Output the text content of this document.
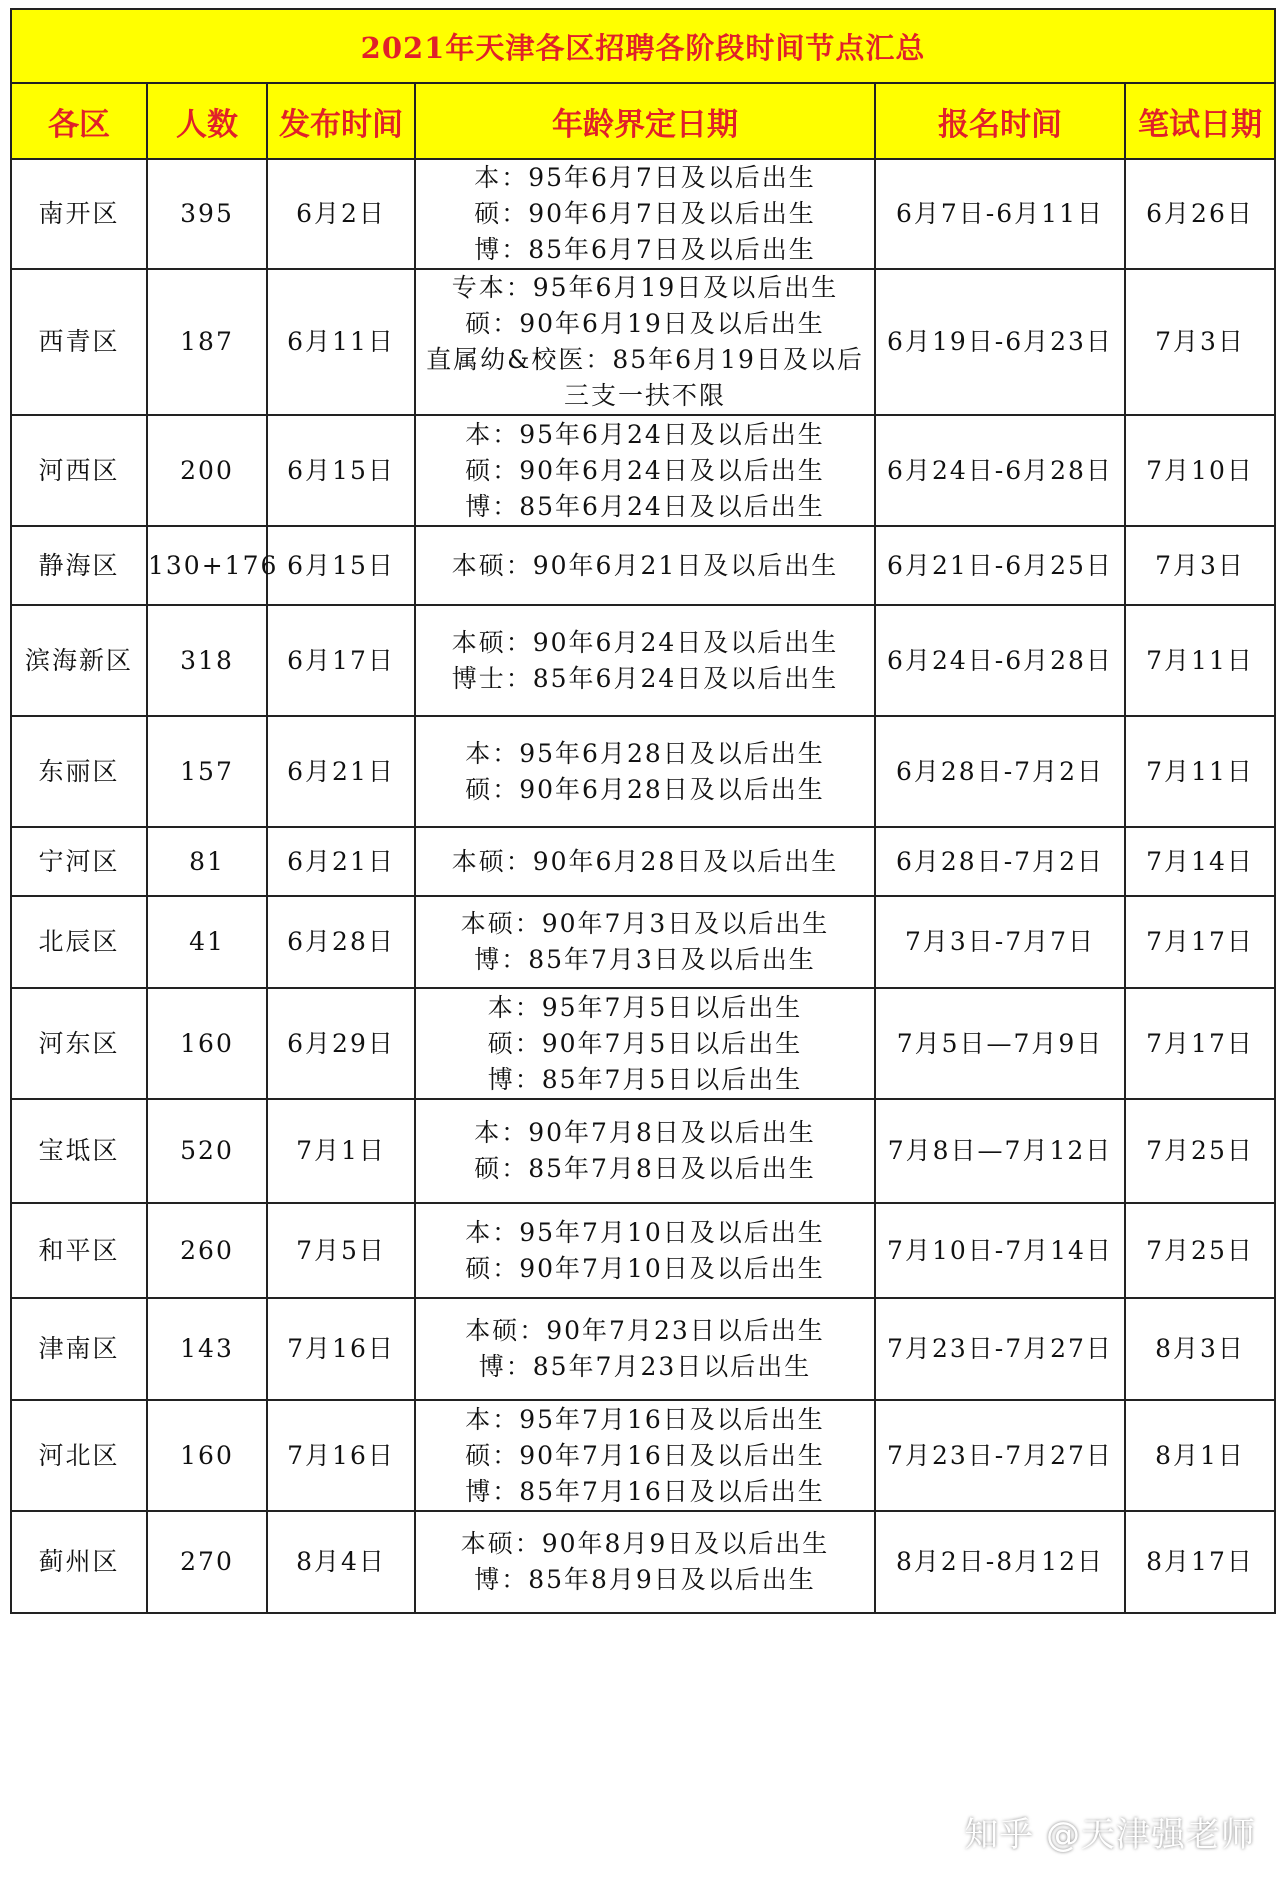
2021年天津各区招聘各阶段时间节点汇总					
各区	人数	发布时间	年龄界定日期	报名时间	笔试日期
南开区	395	6月2日	本：95年6月7日及以后出生
硕：90年6月7日及以后出生
博：85年6月7日及以后出生	6月7日-6月11日	6月26日
西青区	187	6月11日	专本：95年6月19日及以后出生
硕：90年6月19日及以后出生
直属幼&校医：85年6月19日及以后
三支一扶不限	6月19日-6月23日	7月3日
河西区	200	6月15日	本：95年6月24日及以后出生
硕：90年6月24日及以后出生
博：85年6月24日及以后出生	6月24日-6月28日	7月10日
静海区	130+176	6月15日	本硕：90年6月21日及以后出生	6月21日-6月25日	7月3日
滨海新区	318	6月17日	本硕：90年6月24日及以后出生
博士：85年6月24日及以后出生	6月24日-6月28日	7月11日
东丽区	157	6月21日	本：95年6月28日及以后出生
硕：90年6月28日及以后出生	6月28日-7月2日	7月11日
宁河区	81	6月21日	本硕：90年6月28日及以后出生	6月28日-7月2日	7月14日
北辰区	41	6月28日	本硕：90年7月3日及以后出生
博：85年7月3日及以后出生	7月3日-7月7日	7月17日
河东区	160	6月29日	本：95年7月5日以后出生
硕：90年7月5日以后出生
博：85年7月5日以后出生	7月5日—7月9日	7月17日
宝坻区	520	7月1日	本：90年7月8日及以后出生
硕：85年7月8日及以后出生	7月8日—7月12日	7月25日
和平区	260	7月5日	本：95年7月10日及以后出生
硕：90年7月10日及以后出生	7月10日-7月14日	7月25日
津南区	143	7月16日	本硕：90年7月23日以后出生
博：85年7月23日以后出生	7月23日-7月27日	8月3日
河北区	160	7月16日	本：95年7月16日及以后出生
硕：90年7月16日及以后出生
博：85年7月16日及以后出生	7月23日-7月27日	8月1日
蓟州区	270	8月4日	本硕：90年8月9日及以后出生
博：85年8月9日及以后出生	8月2日-8月12日	8月17日
知乎 @天津强老师
